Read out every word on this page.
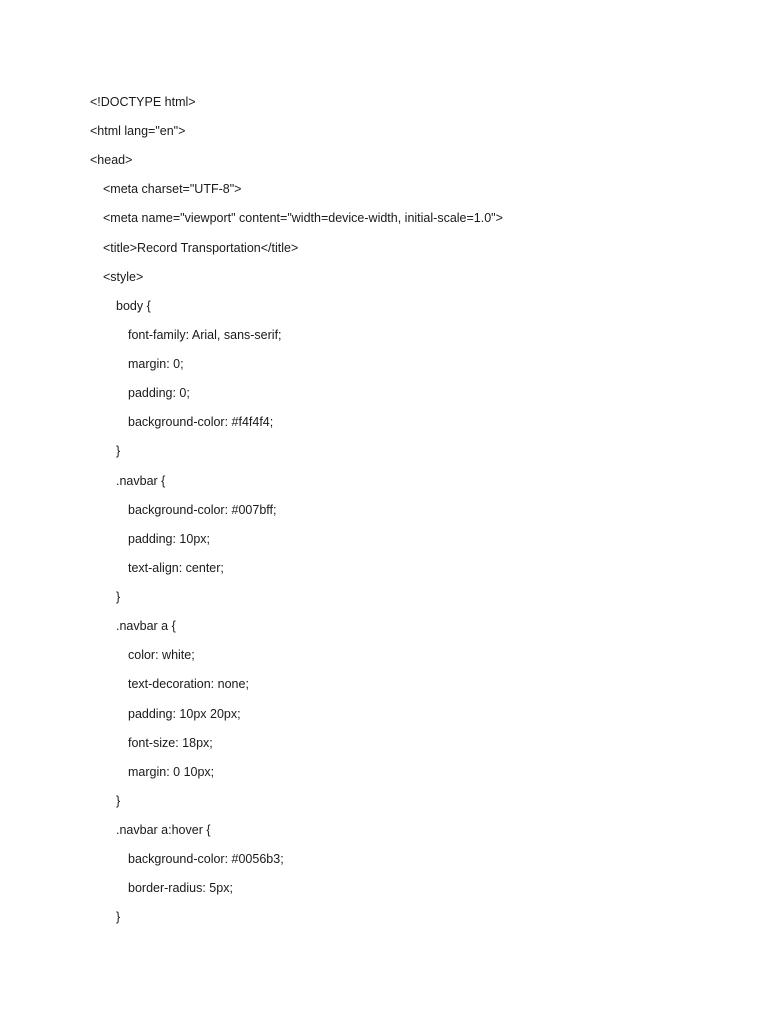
<!DOCTYPE html>
<html lang="en">
<head>
<meta charset="UTF-8">
<meta name="viewport" content="width=device-width, initial-scale=1.0">
<title>Record Transportation</title>
<style>
body {
font-family: Arial, sans-serif;
margin: 0;
padding: 0;
background-color: #f4f4f4;
}
.navbar {
background-color: #007bff;
padding: 10px;
text-align: center;
}
.navbar a {
color: white;
text-decoration: none;
padding: 10px 20px;
font-size: 18px;
margin: 0 10px;
}
.navbar a:hover {
background-color: #0056b3;
border-radius: 5px;
}
